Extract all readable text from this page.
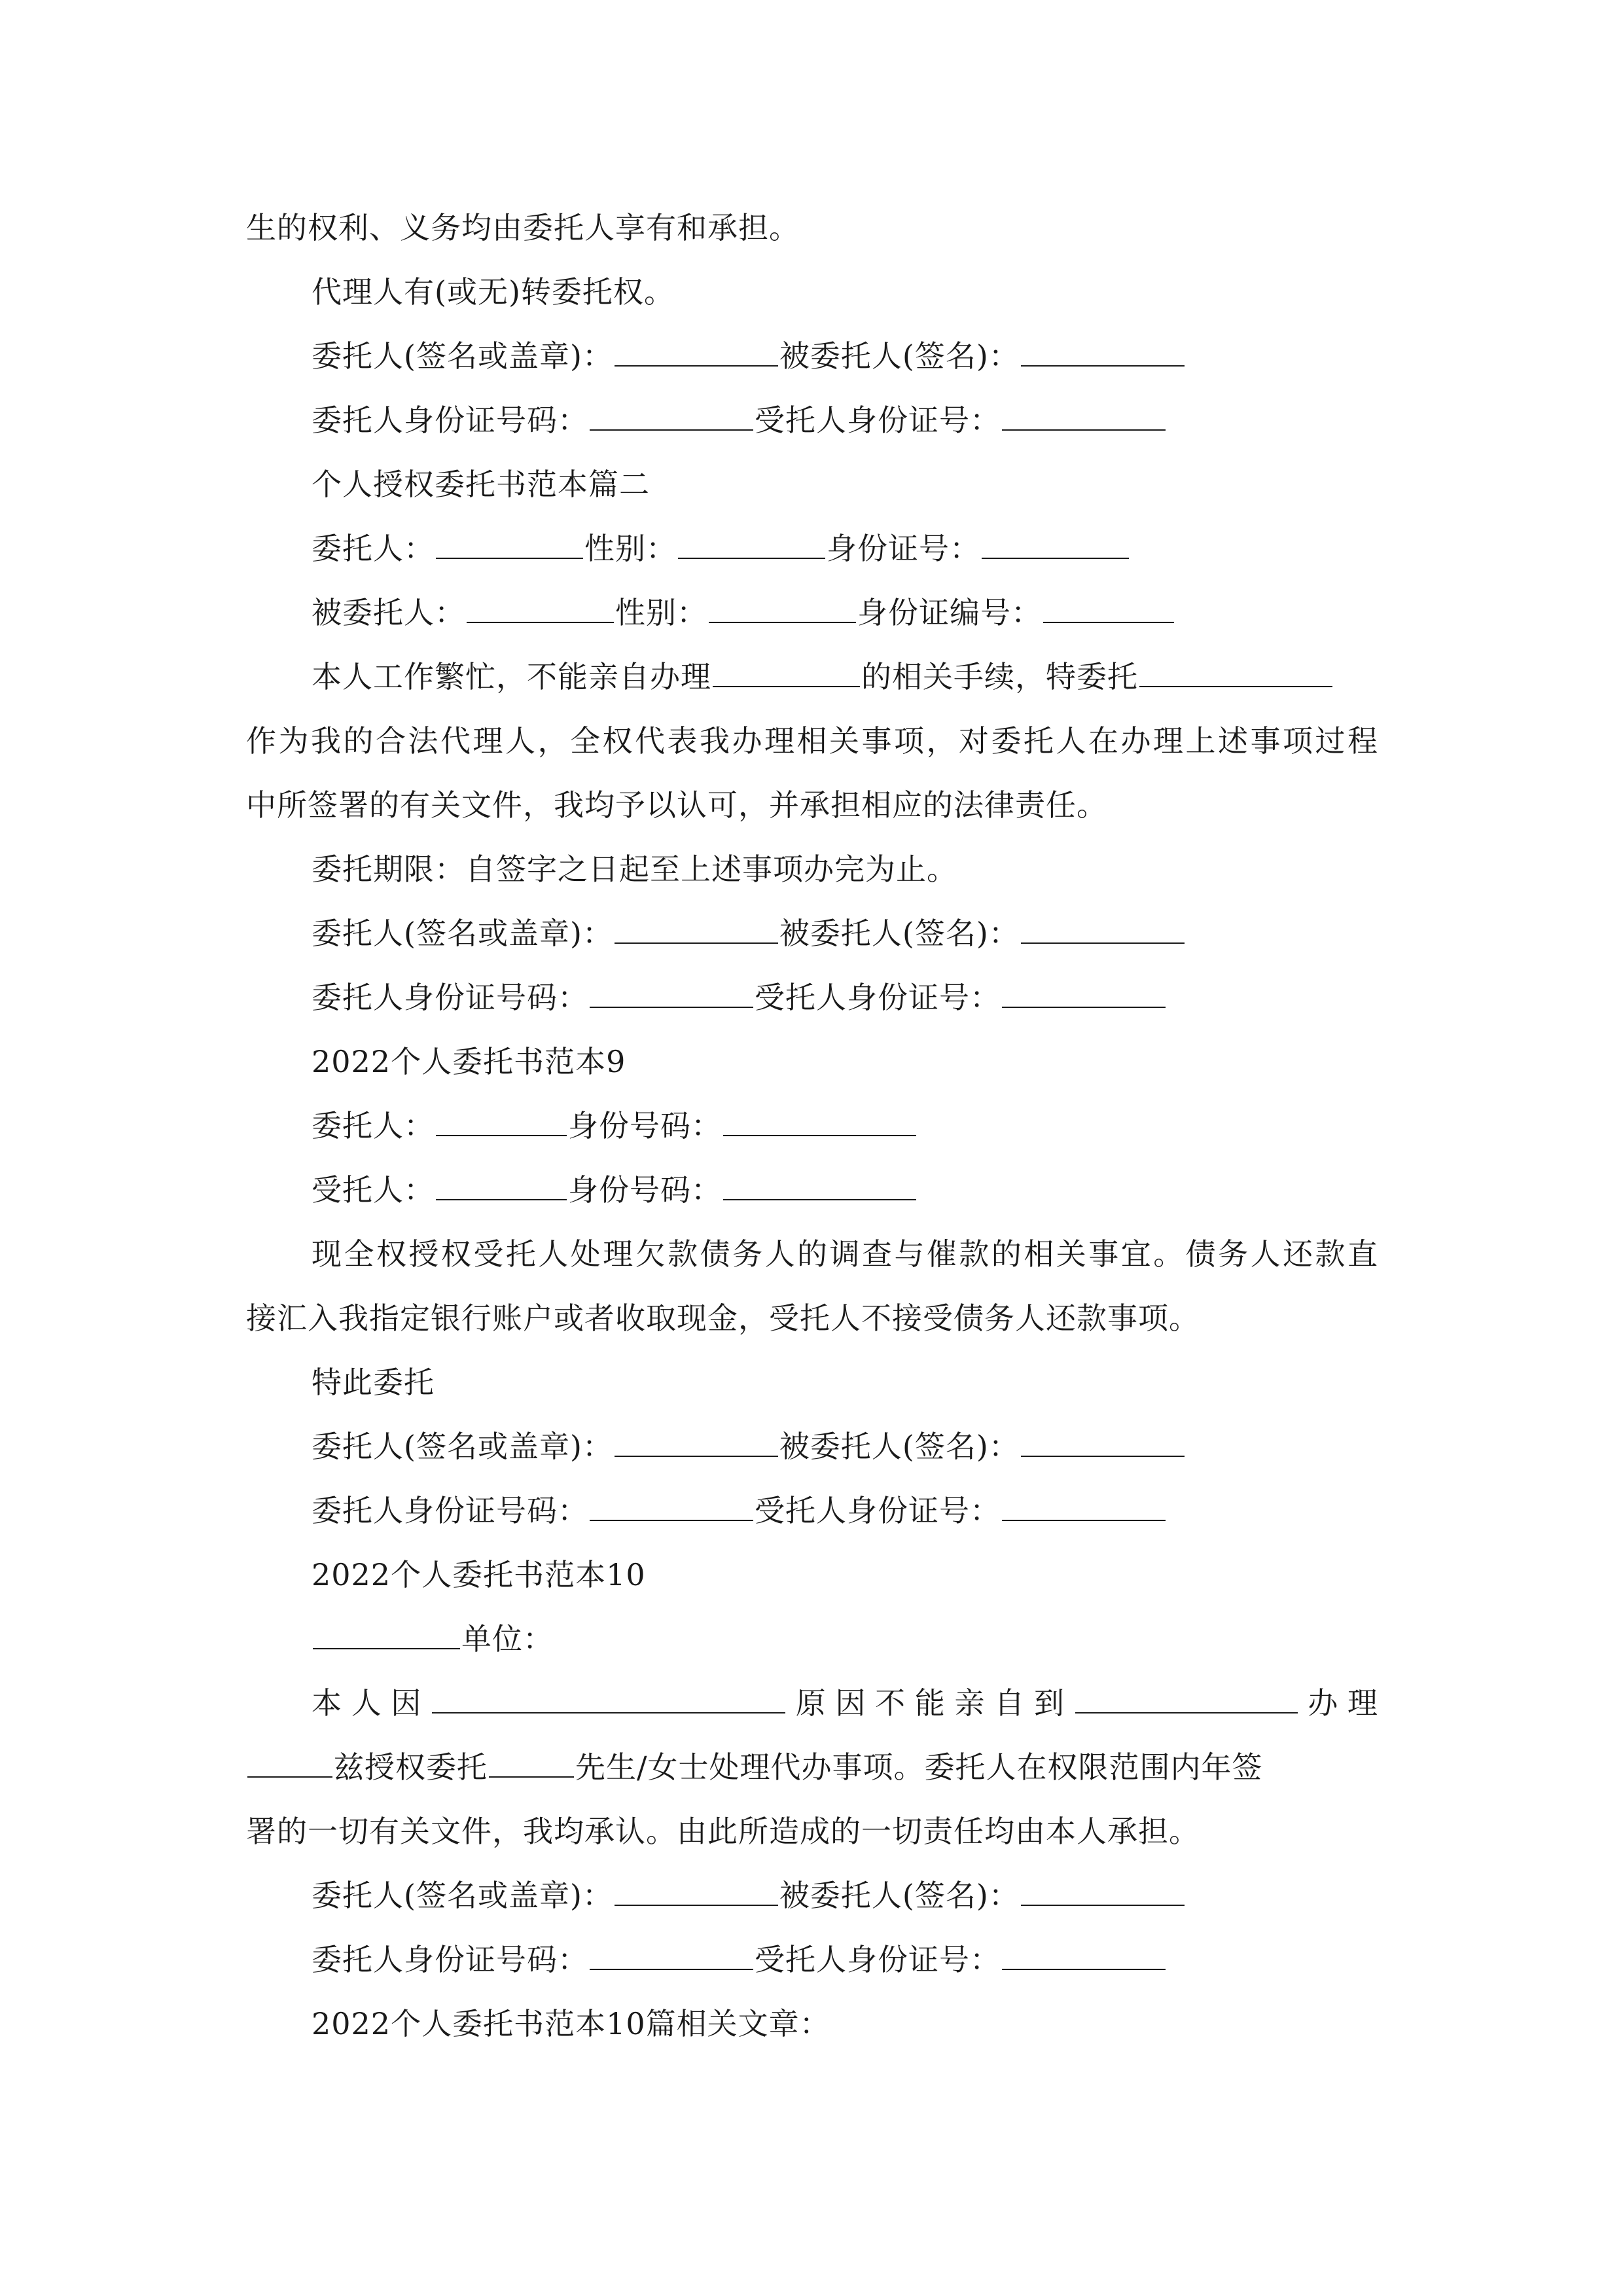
生的权利、义务均由委托人享有和承担。
代理人有(或无)转委托权。
委托人(签名或盖章)：	被委托人(签名)：
委托人身份证号码：	受托人身份证号：
个人授权委托书范本篇二
委托人：	性别：	身份证号：
被委托人：	性别：	身份证编号：
本人工作繁忙，不能亲自办理	的相关手续，特委托
作为我的合法代理人，全权代表我办理相关事项，对委托人在办理上述事项过程
中所签署的有关文件，我均予以认可，并承担相应的法律责任。
委托期限：自签字之日起至上述事项办完为止。
委托人(签名或盖章)：	被委托人(签名)：
委托人身份证号码：	受托人身份证号：
2022个人委托书范本9
委托人：	身份号码：
受托人：	身份号码：
现全权授权受托人处理欠款债务人的调查与催款的相关事宜。债务人还款直
接汇入我指定银行账户或者收取现金，受托人不接受债务人还款事项。
特此委托
委托人(签名或盖章)：	被委托人(签名)：
委托人身份证号码：	受托人身份证号：
2022个人委托书范本10
单位：
本人因	原因不能亲自到	办理
兹授权委托	先生/女士处理代办事项。委托人在权限范围内年签
署的一切有关文件，我均承认。由此所造成的一切责任均由本人承担。
委托人(签名或盖章)：	被委托人(签名)：
委托人身份证号码：	受托人身份证号：
2022个人委托书范本10篇相关文章：
